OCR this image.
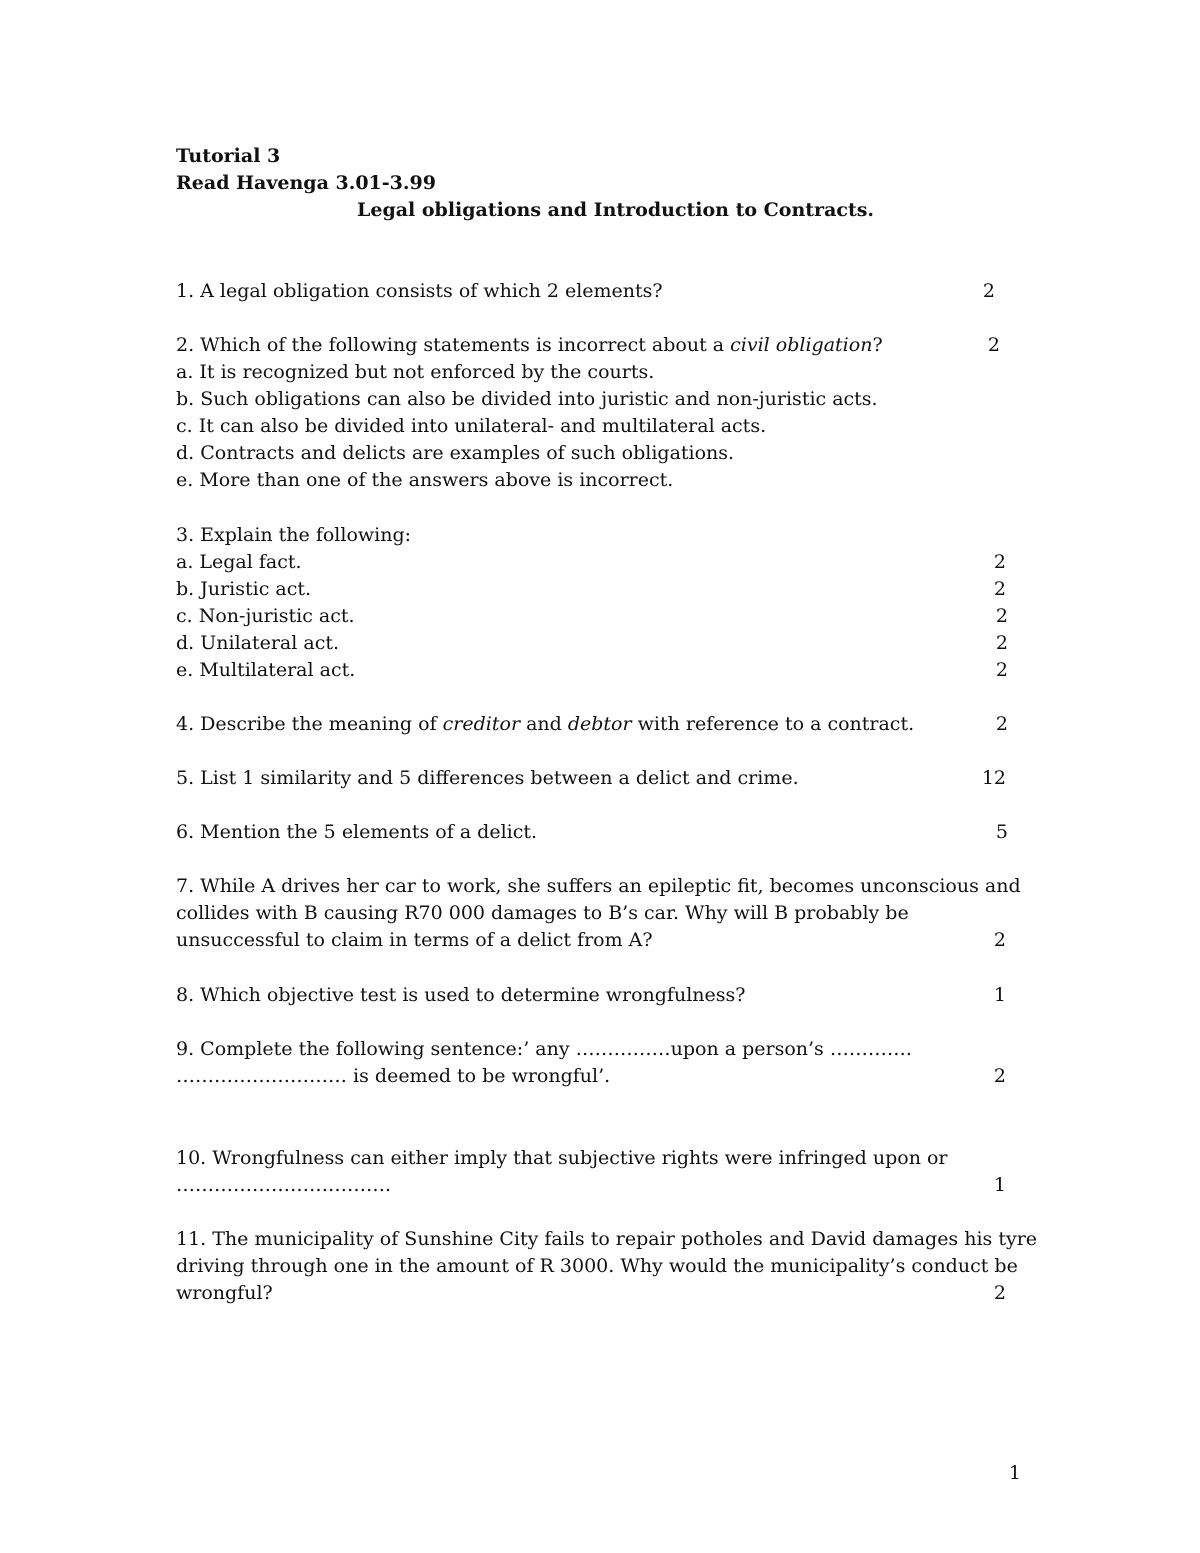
Tutorial 3
Read Havenga 3.01-3.99
Legal obligations and Introduction to Contracts.
1. A legal obligation consists of which 2 elements?	2
2. Which of the following statements is incorrect about a civil obligation?	2
a. It is recognized but not enforced by the courts.
b. Such obligations can also be divided into juristic and non-juristic acts.
c. It can also be divided into unilateral- and multilateral acts.
d. Contracts and delicts are examples of such obligations.
e. More than one of the answers above is incorrect.
3. Explain the following:
a. Legal fact.	2
b. Juristic act.	2
c. Non-juristic act.	2
d. Unilateral act.	2
e. Multilateral act.	2
4. Describe the meaning of creditor and debtor with reference to a contract.	2
5. List 1 similarity and 5 differences between a delict and crime.	12
6. Mention the 5 elements of a delict.	5
7. While A drives her car to work, she suffers an epileptic fit, becomes unconscious and
collides with B causing R70 000 damages to B’s car. Why will B probably be
unsuccessful to claim in terms of a delict from A?	2
8. Which objective test is used to determine wrongfulness?	1
9. Complete the following sentence:’ any ……………upon a person’s ………….
……………………… is deemed to be wrongful’.	2
10. Wrongfulness can either imply that subjective rights were infringed upon or
…………………………….	1
11. The municipality of Sunshine City fails to repair potholes and David damages his tyre
driving through one in the amount of R 3000. Why would the municipality’s conduct be
wrongful?	2
1
